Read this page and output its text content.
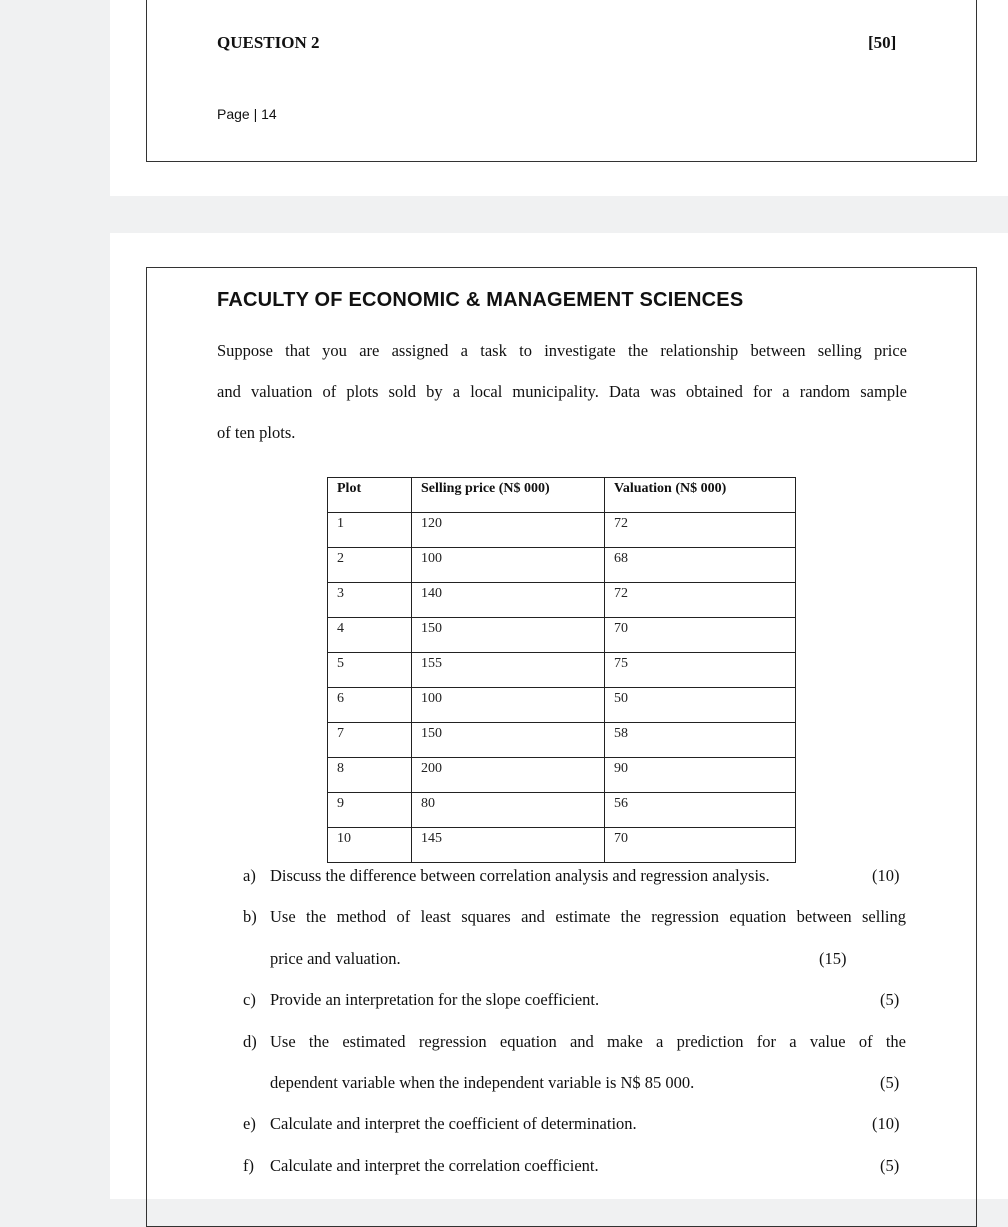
QUESTION 2	[50]
Page | 14
FACULTY OF ECONOMIC & MANAGEMENT SCIENCES
Suppose that you are assigned a task to investigate the relationship between selling price
and valuation of plots sold by a local municipality. Data was obtained for a random sample
of ten plots.
Plot	Selling price (N$ 000)	Valuation (N$ 000)
1	120	72
2	100	68
3	140	72
4	150	70
5	155	75
6	100	50
7	150	58
8	200	90
9	80	56
10	145	70
a) Discuss the difference between correlation analysis and regression analysis.	(10)
b) Use the method of least squares and estimate the regression equation between selling
price and valuation.	(15)
c) Provide an interpretation for the slope coefficient.	(5)
d) Use the estimated regression equation and make a prediction for a value of the
dependent variable when the independent variable is N$ 85 000.	(5)
e) Calculate and interpret the coefficient of determination.	(10)
f) Calculate and interpret the correlation coefficient.	(5)
